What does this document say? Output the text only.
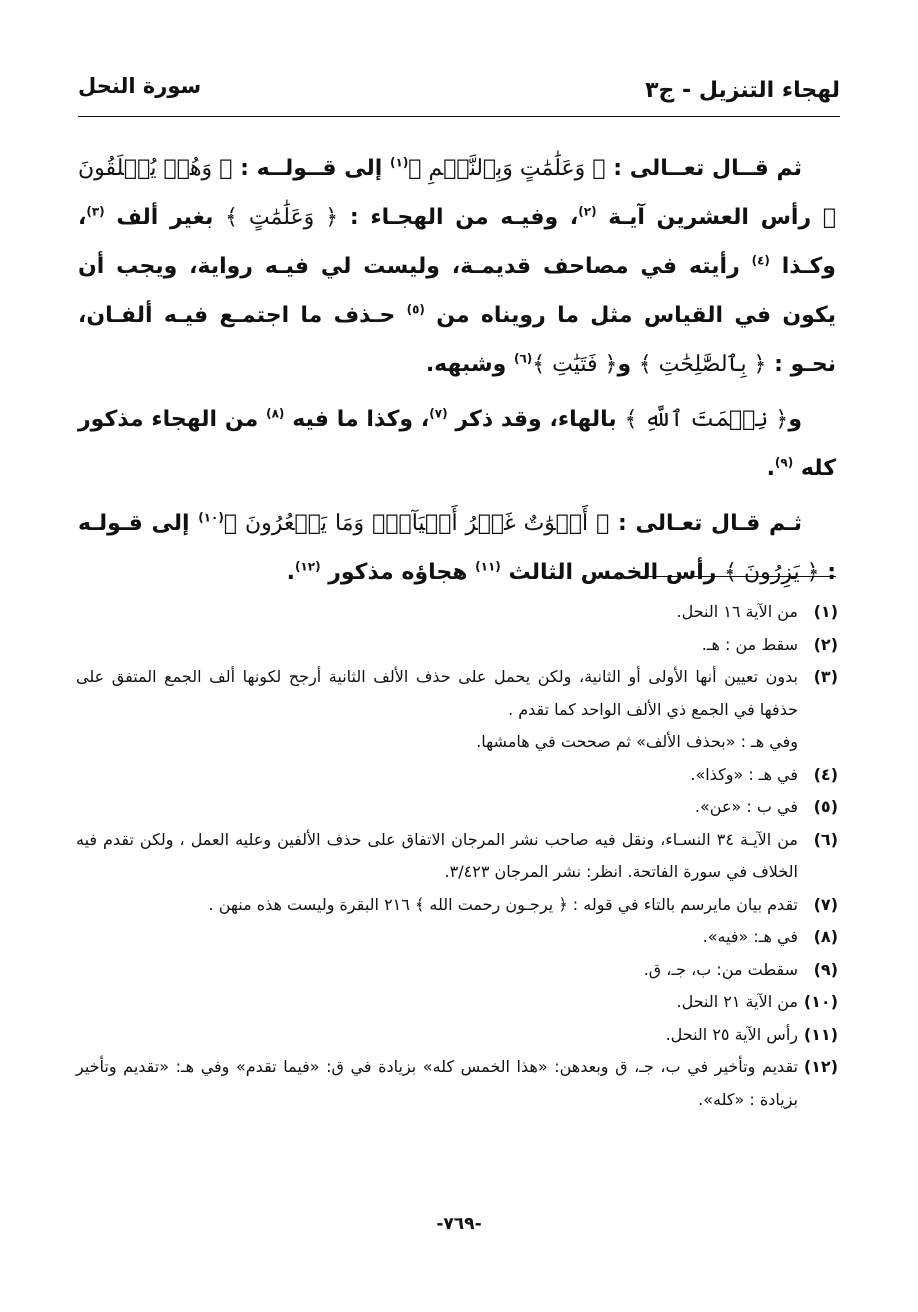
لهجاء التنزيل - ج٣
سورة النحل

ثم قــال تعــالى : ﴿ وَعَلَٰمَٰتٍ وَبِٱلنَّجۡمِ ﴾$^{(١)}$ إلى قــولــه : ﴿ وَهُمۡ يُخۡلَقُونَ ﴾ رأس العشرين آيـة $^{(٢)}$، وفيـه من الهجـاء : ﴿ وَعَلَٰمَٰتٍ ﴾ بغير ألف $^{(٣)}$، وكـذا $^{(٤)}$ رأيته في مصاحف قديمـة، وليست لي فيـه رواية، ويجب أن يكون في القياس مثل ما رويناه من $^{(٥)}$ حـذف ما اجتمـع فيـه ألفـان، نحـو : ﴿ بِٱلصَّٰلِحَٰتِ ﴾ و﴿ فَتَيَٰتِ ﴾$^{(٦)}$ وشبهه.

و﴿ نِعۡمَتَ ٱللَّهِ ﴾ بالهاء، وقد ذكر $^{(٧)}$، وكذا ما فيه $^{(٨)}$ من الهجاء مذكور كله $^{(٩)}$.

ثـم قـال تعـالى : ﴿ أَمۡوَٰتٌ غَيۡرُ أَحۡيَآءٖۖ وَمَا يَشۡعُرُونَ ﴾$^{(١٠)}$ إلى قـولـه : ﴿ يَزِرُونَ ﴾ رأس الخمس الثالث $^{(١١)}$ هجاؤه مذكور $^{(١٢)}$.

(١)
من الآية ١٦ النحل.
(٢)
سقط من : هـ.
(٣)
بدون تعيين أنها الأولى أو الثانية، ولكن يحمل على حذف الألف الثانية أرجح لكونها ألف الجمع المتفق على حذفها في الجمع ذي الألف الواحد كما تقدم .
وفي هـ : «بحذف الألف» ثم صححت في هامشها.
(٤)
في هـ : «وكذا».
(٥)
في ب : «عن».
(٦)
من الآيـة ٣٤ النسـاء، ونقل فيه صاحب نشر المرجان الاتفاق على حذف الألفين وعليه العمل ، ولكن تقدم فيه الخلاف في سورة الفاتحة. انظر: نشر المرجان ٣/٤٢٣.
(٧)
تقدم بيان مايرسم بالتاء في قوله : ﴿ يرجـون رحمت الله ﴾ ٢١٦ البقرة وليست هذه منهن .
(٨)
في هـ: «فيه».
(٩)
سقطت من: ب، جـ، ق.
(١٠)
من الآية ٢١ النحل.
(١١)
رأس الآية ٢٥ النحل.
(١٢)
تقديم وتأخير في ب، جـ، ق وبعدهن: «هذا الخمس كله» بزيادة في ق: «فيما تقدم» وفي هـ: «تقديم وتأخير بزيادة : «كله».
-٧٦٩-
